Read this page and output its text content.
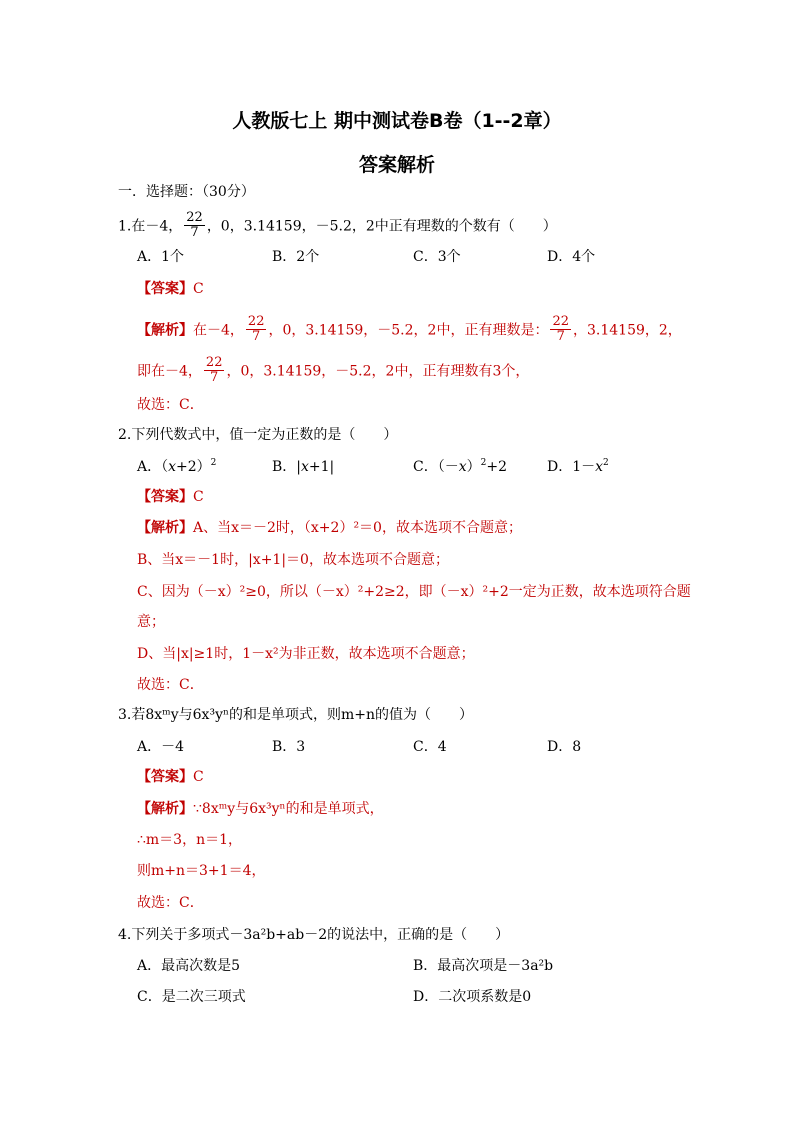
人教版七上 期中测试卷B卷（1--2章）
答案解析
一．选择题：（30分）
1.在－4， $\frac{22}{7}$ ，0，3.14159，－5.2，2中正有理数的个数有（　　）
A．1个	B．2个	C．3个	D．4个
【答案】C
【解析】在－4， $\frac{22}{7}$ ，0，3.14159，－5.2，2中，正有理数是： $\frac{22}{7}$ ，3.14159，2，
即在－4， $\frac{22}{7}$ ，0，3.14159，－5.2，2中，正有理数有3个，
故选：C．
2.下列代数式中，值一定为正数的是（　　）
A．$(x+2)^2$	B．|x+1|	C．$(-x)^2+2$	D．$1-x^2$
【答案】C
【解析】A、当x＝－2时，（x+2）²＝0，故本选项不合题意；
B、当x＝－1时，|x+1|＝0，故本选项不合题意；
C、因为（－x）²≥0，所以（－x）²+2≥2，即（－x）²+2一定为正数，故本选项符合题
意；
D、当|x|≥1时，1－x²为非正数，故本选项不合题意；
故选：C．
3.若8xᵐy与6x³yⁿ的和是单项式，则m+n的值为（　　）
A．－4	B．3	C．4	D．8
【答案】C
【解析】∵8xᵐy与6x³yⁿ的和是单项式，
∴m＝3，n＝1，
则m+n＝3+1＝4，
故选：C．
4.下列关于多项式－3a²b+ab－2的说法中，正确的是（　　）
A．最高次数是5	B．最高次项是－3a²b
C．是二次三项式	D．二次项系数是0
